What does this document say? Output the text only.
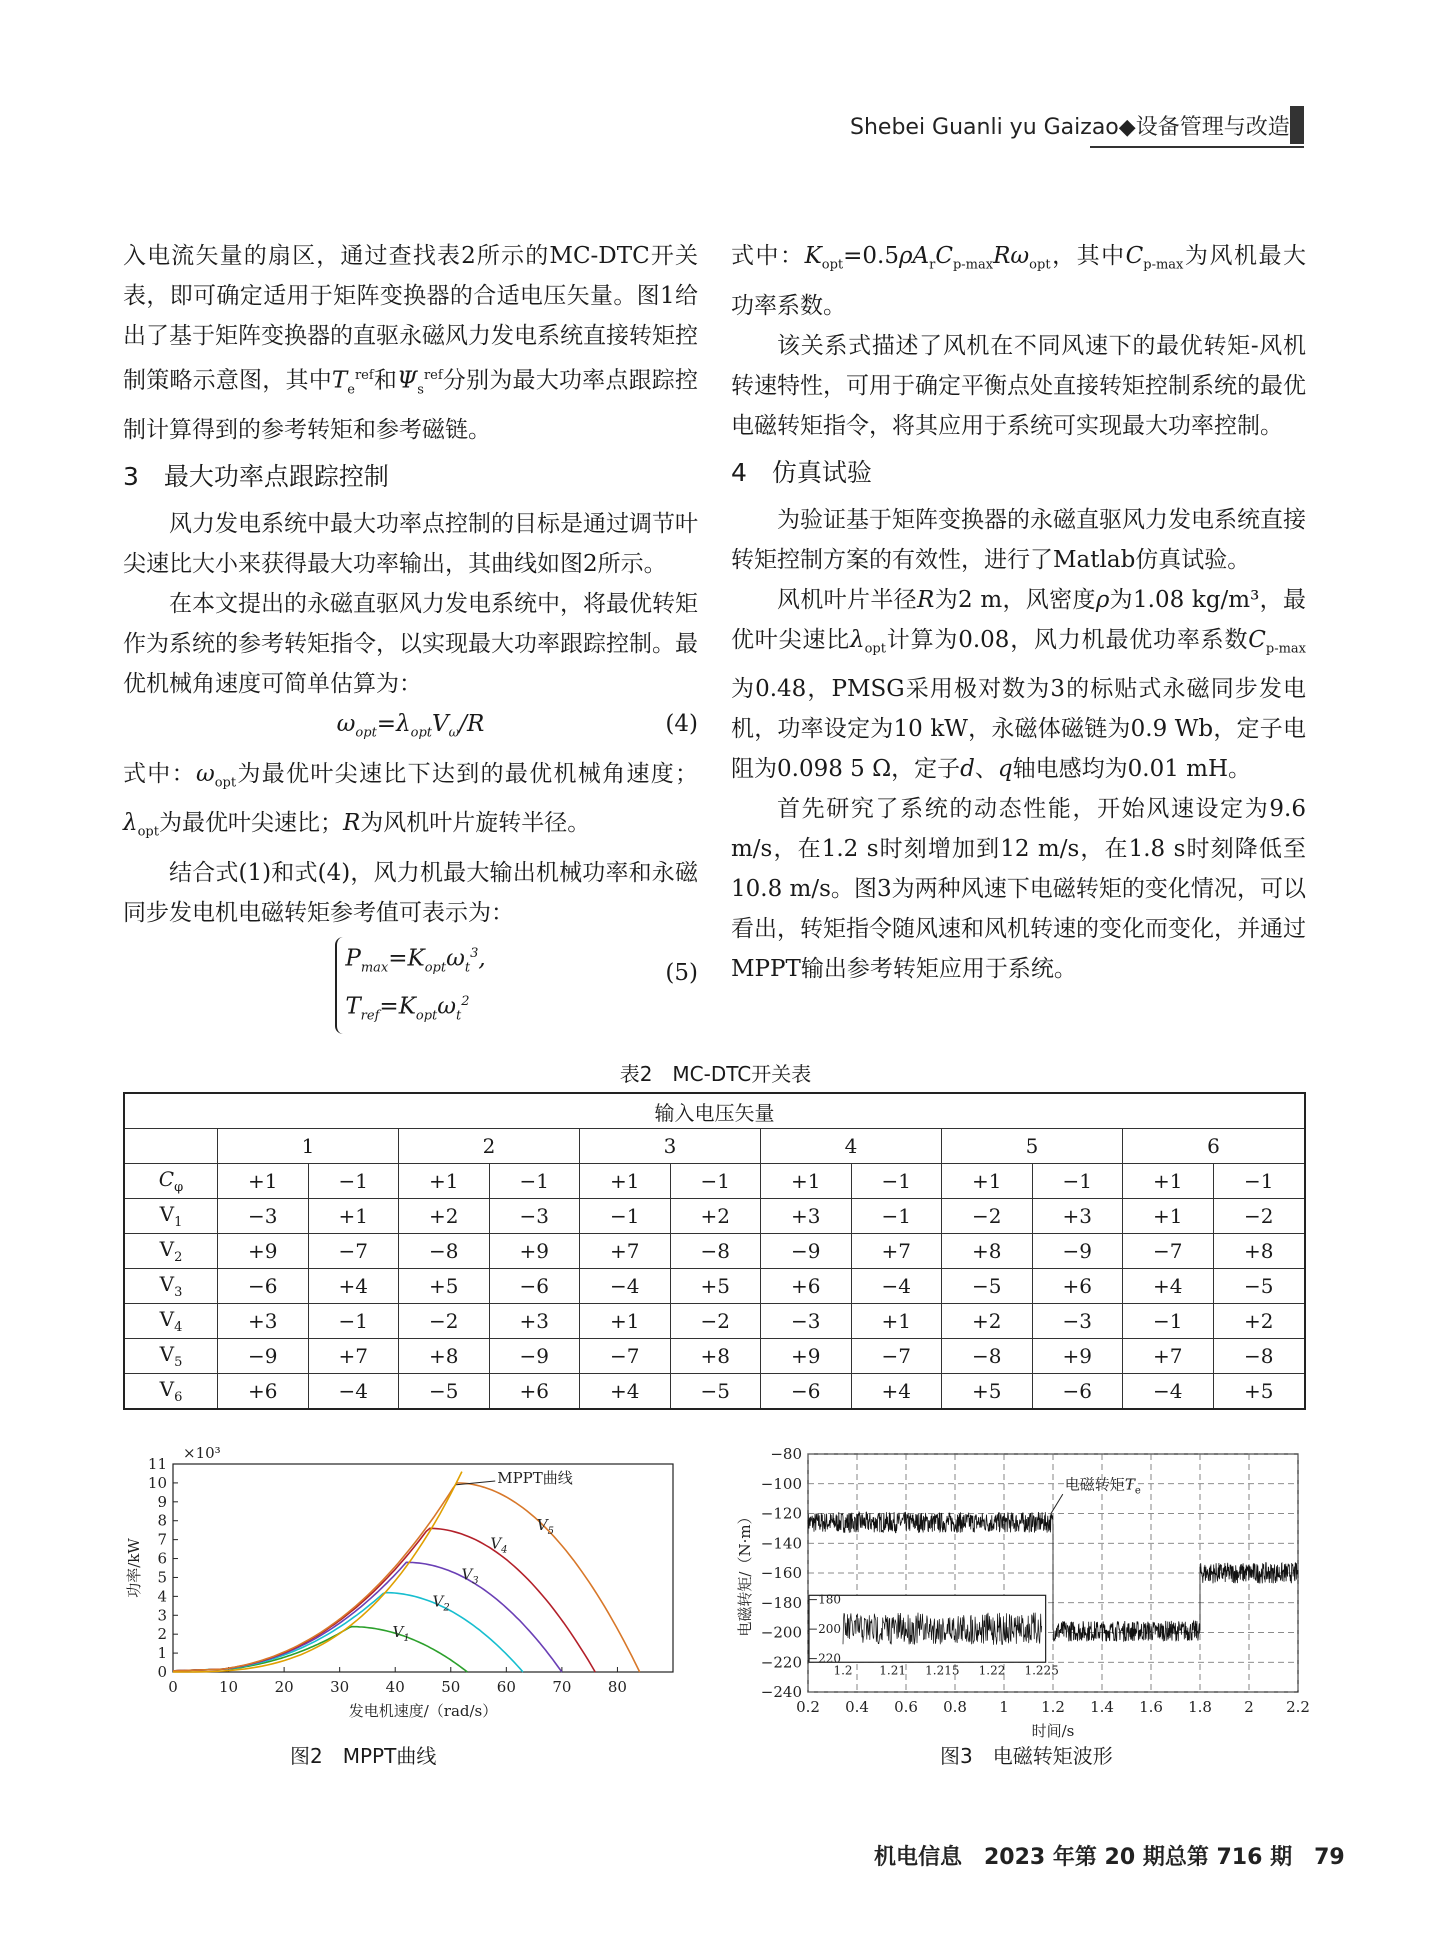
Shebei Guanli yu Gaizao◆设备管理与改造

入电流矢量的扇区，通过查找表2所示的MC-DTC开关表，即可确定适用于矩阵变换器的合适电压矢量。图1给出了基于矩阵变换器的直驱永磁风力发电系统直接转矩控制策略示意图，其中$T_e^{ref}$和$\Psi_s^{ref}$分别为最大功率点跟踪控制计算得到的参考转矩和参考磁链。

3　最大功率点跟踪控制

风力发电系统中最大功率点控制的目标是通过调节叶尖速比大小来获得最大功率输出，其曲线如图2所示。

在本文提出的永磁直驱风力发电系统中，将最优转矩作为系统的参考转矩指令，以实现最大功率跟踪控制。最优机械角速度可简单估算为：

$\omega_{opt}=\lambda_{opt}V_\omega/R$	(4)

式中：$\omega_{opt}$为最优叶尖速比下达到的最优机械角速度；$\lambda_{opt}$为最优叶尖速比；R为风机叶片旋转半径。

结合式(1)和式(4)，风力机最大输出机械功率和永磁同步发电机电磁转矩参考值可表示为：

$P_{max}=K_{opt}\omega_t^3$,
$T_{ref}=K_{opt}\omega_t^2$
(5)

式中：$K_{opt}=0.5\rho A_rC_{p-max}R\omega_{opt}$，其中$C_{p-max}$为风机最大功率系数。

该关系式描述了风机在不同风速下的最优转矩-风机转速特性，可用于确定平衡点处直接转矩控制系统的最优电磁转矩指令，将其应用于系统可实现最大功率控制。

4　仿真试验

为验证基于矩阵变换器的永磁直驱风力发电系统直接转矩控制方案的有效性，进行了Matlab仿真试验。

风机叶片半径R为2 m，风密度ρ为1.08 kg/m³，最优叶尖速比$\lambda_{opt}$计算为0.08，风力机最优功率系数$C_{p-max}$为0.48，PMSG采用极对数为3的标贴式永磁同步发电机，功率设定为10 kW，永磁体磁链为0.9 Wb，定子电阻为0.098 5 Ω，定子d、q轴电感均为0.01 mH。

首先研究了系统的动态性能，开始风速设定为9.6 m/s，在1.2 s时刻增加到12 m/s，在1.8 s时刻降低至10.8 m/s。图3为两种风速下电磁转矩的变化情况，可以看出，转矩指令随风速和风机转速的变化而变化，并通过MPPT输出参考转矩应用于系统。

表2　MC-DTC开关表
输入电压矢量												
	1		2		3		4		5		6	
$C_\varphi$	+1	−1	+1	−1	+1	−1	+1	−1	+1	−1	+1	−1
$V_1$	−3	+1	+2	−3	−1	+2	+3	−1	−2	+3	+1	−2
$V_2$	+9	−7	−8	+9	+7	−8	−9	+7	+8	−9	−7	+8
$V_3$	−6	+4	+5	−6	−4	+5	+6	−4	−5	+6	+4	−5
$V_4$	+3	−1	−2	+3	+1	−2	−3	+1	+2	−3	−1	+2
$V_5$	−9	+7	+8	−9	−7	+8	+9	−7	−8	+9	+7	−8
$V_6$	+6	−4	−5	+6	+4	−5	−6	+4	+5	−6	−4	+5
0	10 20 30 40 50 60 70 80
0
1
2
3
4
5
6
7
8
9
10
11
×10³
发电机速度/（rad/s）
功率/kW
$V_1$
$V_2$
$V_3$
$V_4$
$V_5$
MPPT曲线
图2　MPPT曲线
0.2 0.4 0.6 0.8 1 1.2 1.4 1.6 1.8 2 2.2
−80
−100
−120
−140
−160
−180
−200
−220
−240
时间/s
电磁转矩/（N·m）
电磁转矩$T_e$
−180
−200
−220
1.2 1.21 1.215 1.22 1.225
图3　电磁转矩波形
机电信息　2023 年第 20 期总第 716 期　79
